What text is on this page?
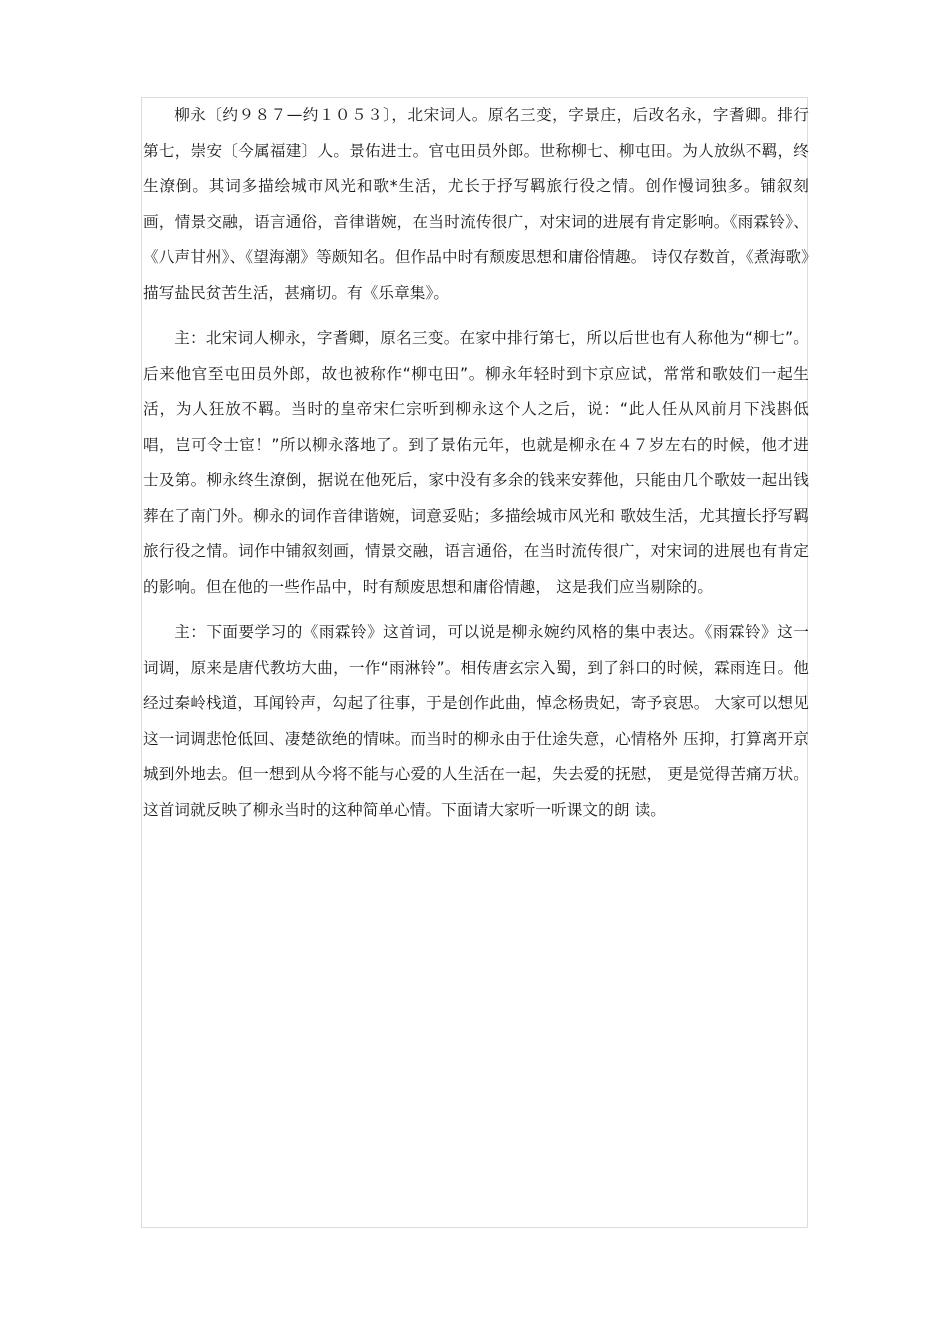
柳永〔约９８７—约１０５３〕，北宋词人。原名三变，字景庄，后改名永，字耆卿。排行第七，崇安〔今属福建〕人。景佑进士。官屯田员外郎。世称柳七、柳屯田。为人放纵不羁，终生潦倒。其词多描绘城市风光和歌*生活，尤长于抒写羁旅行役之情。创作慢词独多。铺叙刻画，情景交融，语言通俗，音律谐婉，在当时流传很广，对宋词的进展有肯定影响。《雨霖铃》、《八声甘州》、《望海潮》等颇知名。但作品中时有颓废思想和庸俗情趣。 诗仅存数首，《煮海歌》描写盐民贫苦生活，甚痛切。有《乐章集》。

主：北宋词人柳永，字耆卿，原名三变。在家中排行第七，所以后世也有人称他为“柳七”。后来他官至屯田员外郎，故也被称作“柳屯田”。柳永年轻时到卞京应试，常常和歌妓们一起生活，为人狂放不羁。当时的皇帝宋仁宗听到柳永这个人之后，说：“此人任从风前月下浅斟低唱，岂可令士宦！”所以柳永落地了。到了景佑元年，也就是柳永在４７岁左右的时候，他才进士及第。柳永终生潦倒，据说在他死后，家中没有多余的钱来安葬他，只能由几个歌妓一起出钱葬在了南门外。柳永的词作音律谐婉，词意妥贴；多描绘城市风光和 歌妓生活，尤其擅长抒写羁旅行役之情。词作中铺叙刻画，情景交融，语言通俗，在当时流传很广，对宋词的进展也有肯定的影响。但在他的一些作品中，时有颓废思想和庸俗情趣， 这是我们应当剔除的。

主：下面要学习的《雨霖铃》这首词，可以说是柳永婉约风格的集中表达。《雨霖铃》这一词调，原来是唐代教坊大曲，一作“雨淋铃”。相传唐玄宗入蜀，到了斜口的时候，霖雨连日。他经过秦岭栈道，耳闻铃声，勾起了往事，于是创作此曲，悼念杨贵妃，寄予哀思。 大家可以想见这一词调悲怆低回、凄楚欲绝的情味。而当时的柳永由于仕途失意，心情格外 压抑，打算离开京城到外地去。但一想到从今将不能与心爱的人生活在一起，失去爱的抚慰， 更是觉得苦痛万状。这首词就反映了柳永当时的这种简单心情。下面请大家听一听课文的朗 读。
